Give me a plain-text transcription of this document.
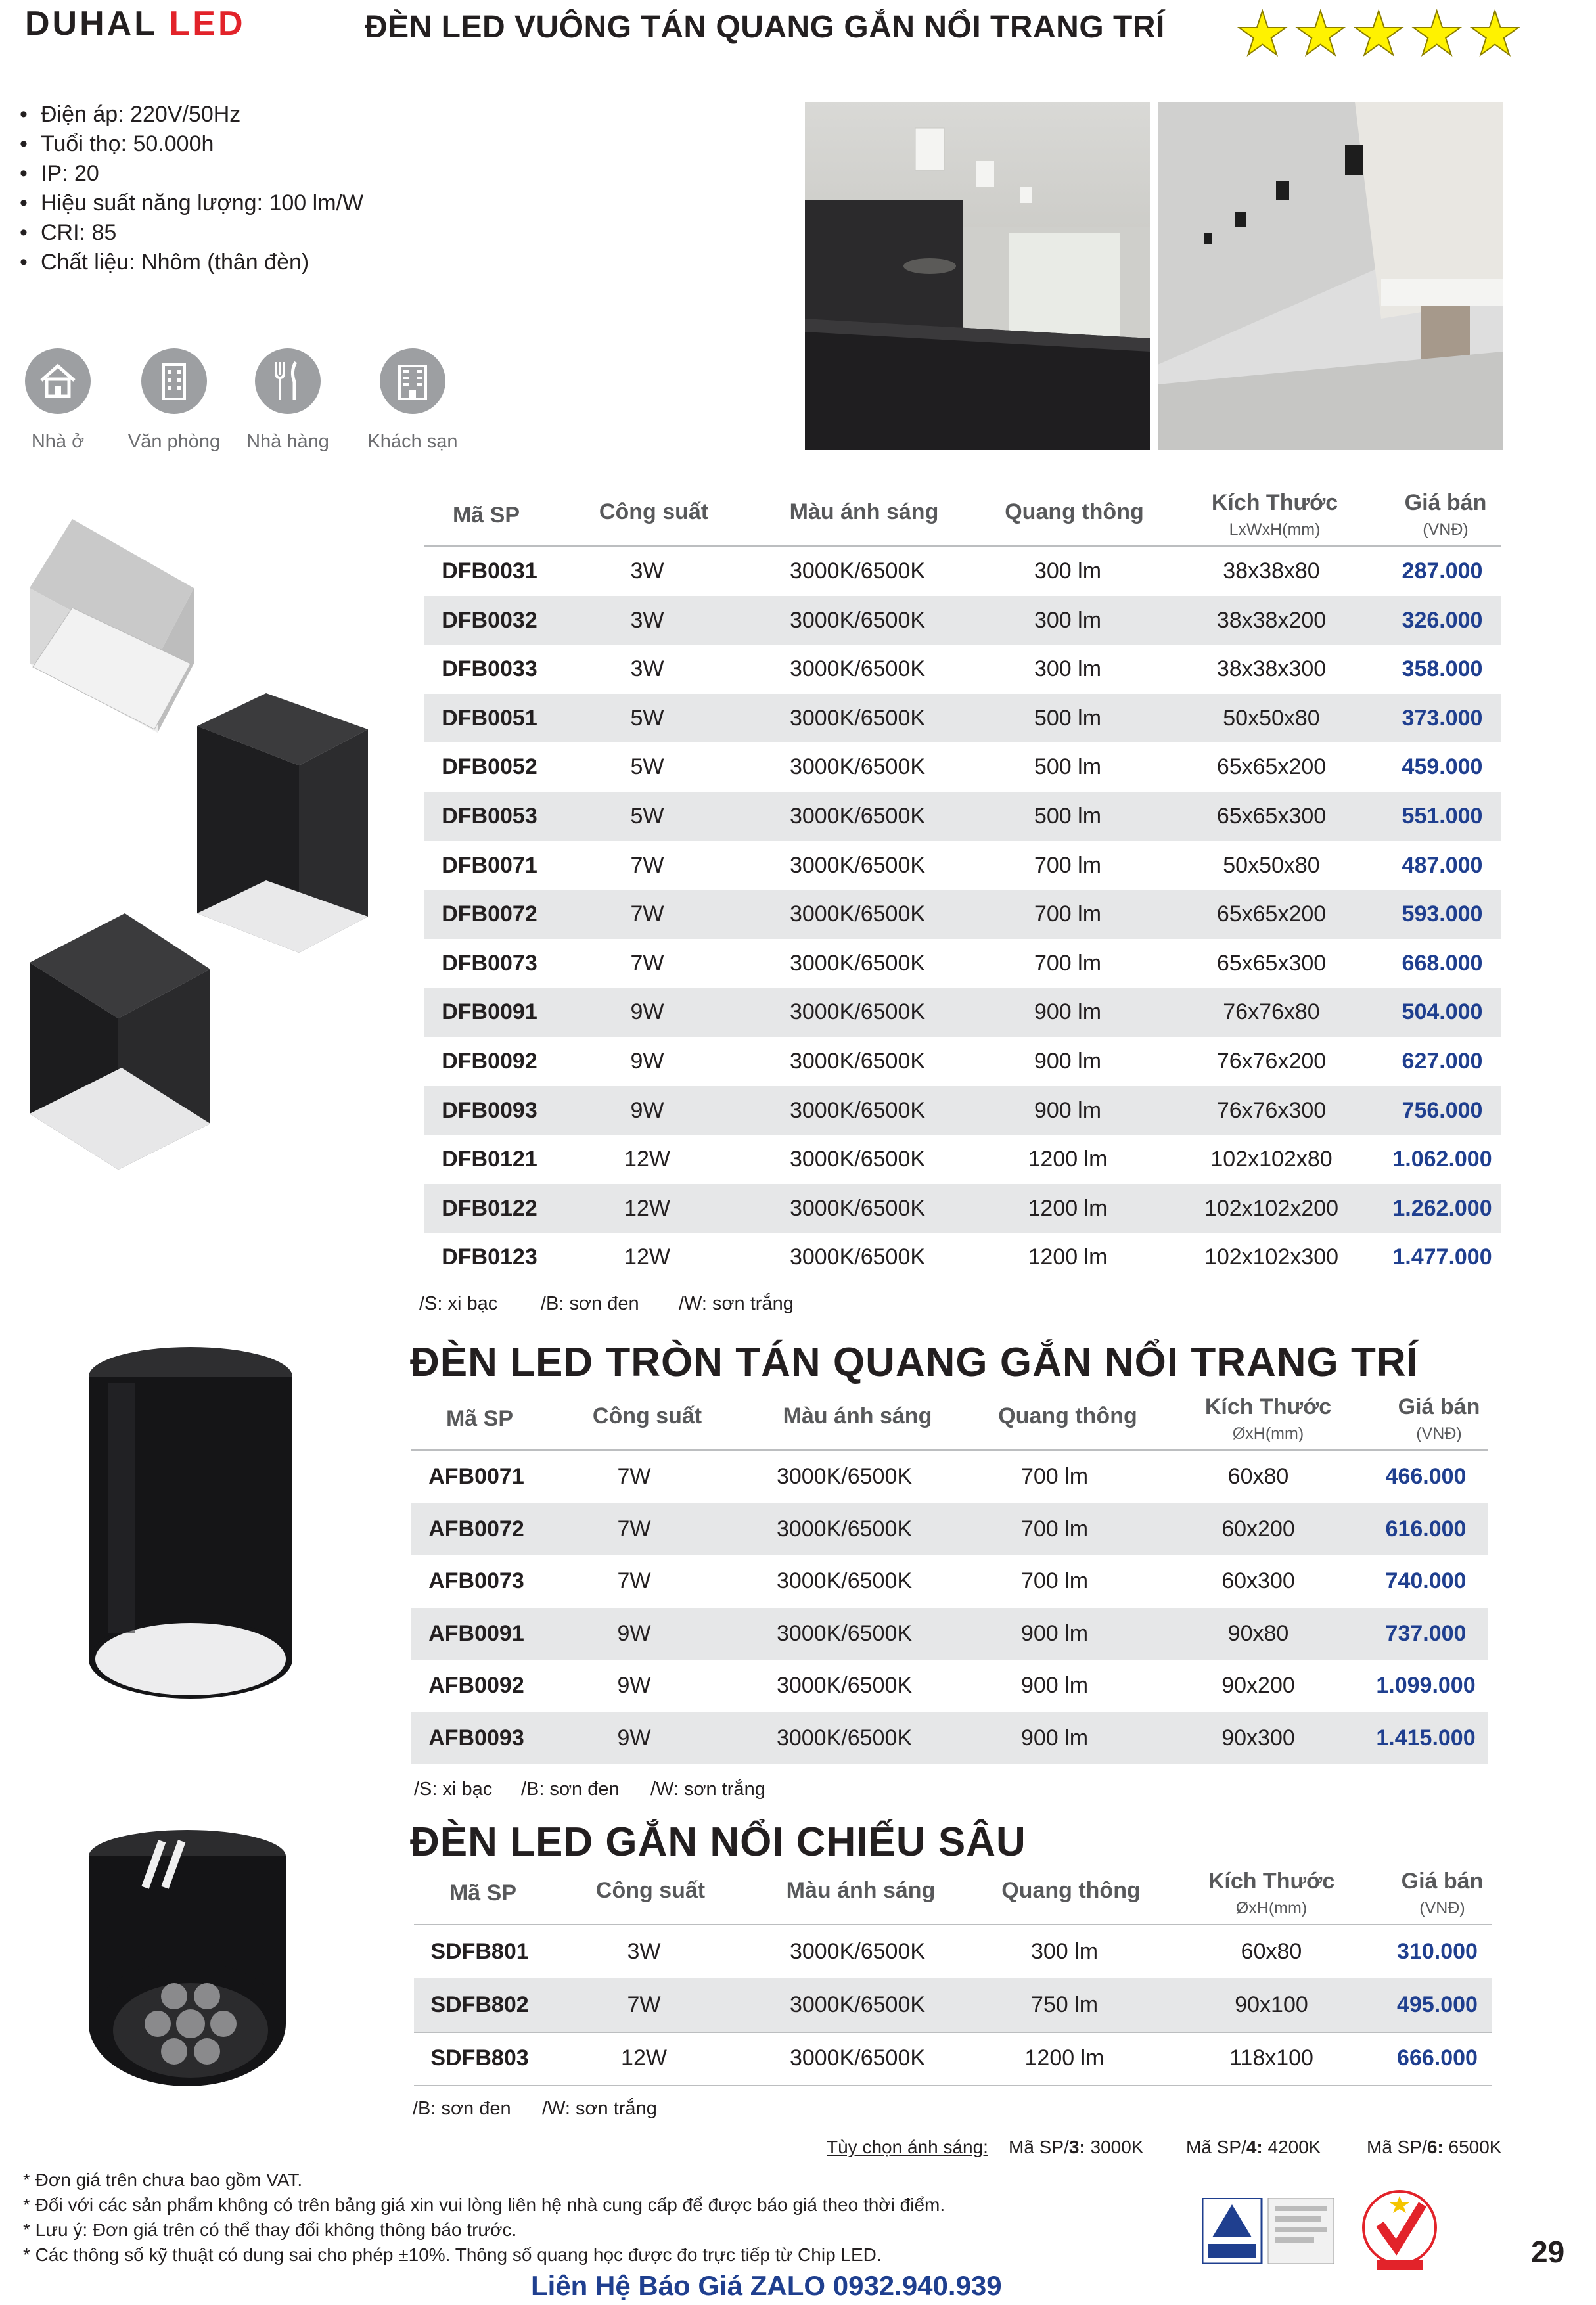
DUHAL LED	ĐÈN LED VUÔNG TÁN QUANG GẮN NỔI TRANG TRÍ ★ ★ ★ ★ ★
• Điện áp: 220V/50Hz
• Tuổi thọ: 50.000h
• IP: 20
• Hiệu suất năng lượng: 100 lm/W
• CRI: 85
• Chất liệu: Nhôm (thân đèn)
Nhà ở	Văn phòng	Nhà hàng	Khách sạn
Mã SP	Công suất	Màu ánh sáng	Quang thông	Kích Thước
LxWxH(mm)
Giá bán
(VNĐ)
/S: xi bạc /B: sơn đen /W: sơn trắng
ĐÈN LED TRÒN TÁN QUANG GẮN NỔI TRANG TRÍ
Mã SP	Công suất	Màu ánh sáng	Quang thông	Kích Thước
ØxH(mm)
Giá bán
(VNĐ)
/S: xi bạc /B: sơn đen /W: sơn trắng
ĐÈN LED GẮN NỔI CHIẾU SÂU
Mã SP	Công suất	Màu ánh sáng	Quang thông	Kích Thước
ØxH(mm)
Giá bán
(VNĐ)
/B: sơn đen /W: sơn trắng
Tùy chọn ánh sáng: Mã SP/3: 3000K Mã SP/4: 4200K Mã SP/6: 6500K
* Đơn giá trên chưa bao gồm VAT.
* Đối với các sản phẩm không có trên bảng giá xin vui lòng liên hệ nhà cung cấp để được báo giá theo thời điểm.
* Lưu ý: Đơn giá trên có thể thay đổi không thông báo trước.
* Các thông số kỹ thuật có dung sai cho phép ±10%. Thông số quang học được đo trực tiếp từ Chip LED.	29
Liên Hệ Báo Giá ZALO 0932.940.939
DFB0031	3W	3000K/6500K	300 lm	38x38x80	287.000
DFB0032	3W	3000K/6500K	300 lm	38x38x200	326.000
DFB0033	3W	3000K/6500K	300 lm	38x38x300	358.000
DFB0051	5W	3000K/6500K	500 lm	50x50x80	373.000
DFB0052	5W	3000K/6500K	500 lm	65x65x200	459.000
DFB0053	5W	3000K/6500K	500 lm	65x65x300	551.000
DFB0071	7W	3000K/6500K	700 lm	50x50x80	487.000
DFB0072	7W	3000K/6500K	700 lm	65x65x200	593.000
DFB0073	7W	3000K/6500K	700 lm	65x65x300	668.000
DFB0091	9W	3000K/6500K	900 lm	76x76x80	504.000
DFB0092	9W	3000K/6500K	900 lm	76x76x200	627.000
DFB0093	9W	3000K/6500K	900 lm	76x76x300	756.000
DFB0121	12W	3000K/6500K	1200 lm	102x102x80	1.062.000
DFB0122	12W	3000K/6500K	1200 lm	102x102x200	1.262.000
DFB0123	12W	3000K/6500K	1200 lm	102x102x300	1.477.000
AFB0071	7W	3000K/6500K	700 lm	60x80	466.000
AFB0072	7W	3000K/6500K	700 lm	60x200	616.000
AFB0073	7W	3000K/6500K	700 lm	60x300	740.000
AFB0091	9W	3000K/6500K	900 lm	90x80	737.000
AFB0092	9W	3000K/6500K	900 lm	90x200	1.099.000
AFB0093	9W	3000K/6500K	900 lm	90x300	1.415.000
SDFB801	3W	3000K/6500K	300 lm	60x80	310.000
SDFB802	7W	3000K/6500K	750 lm	90x100	495.000
SDFB803	12W	3000K/6500K	1200 lm	118x100	666.000
